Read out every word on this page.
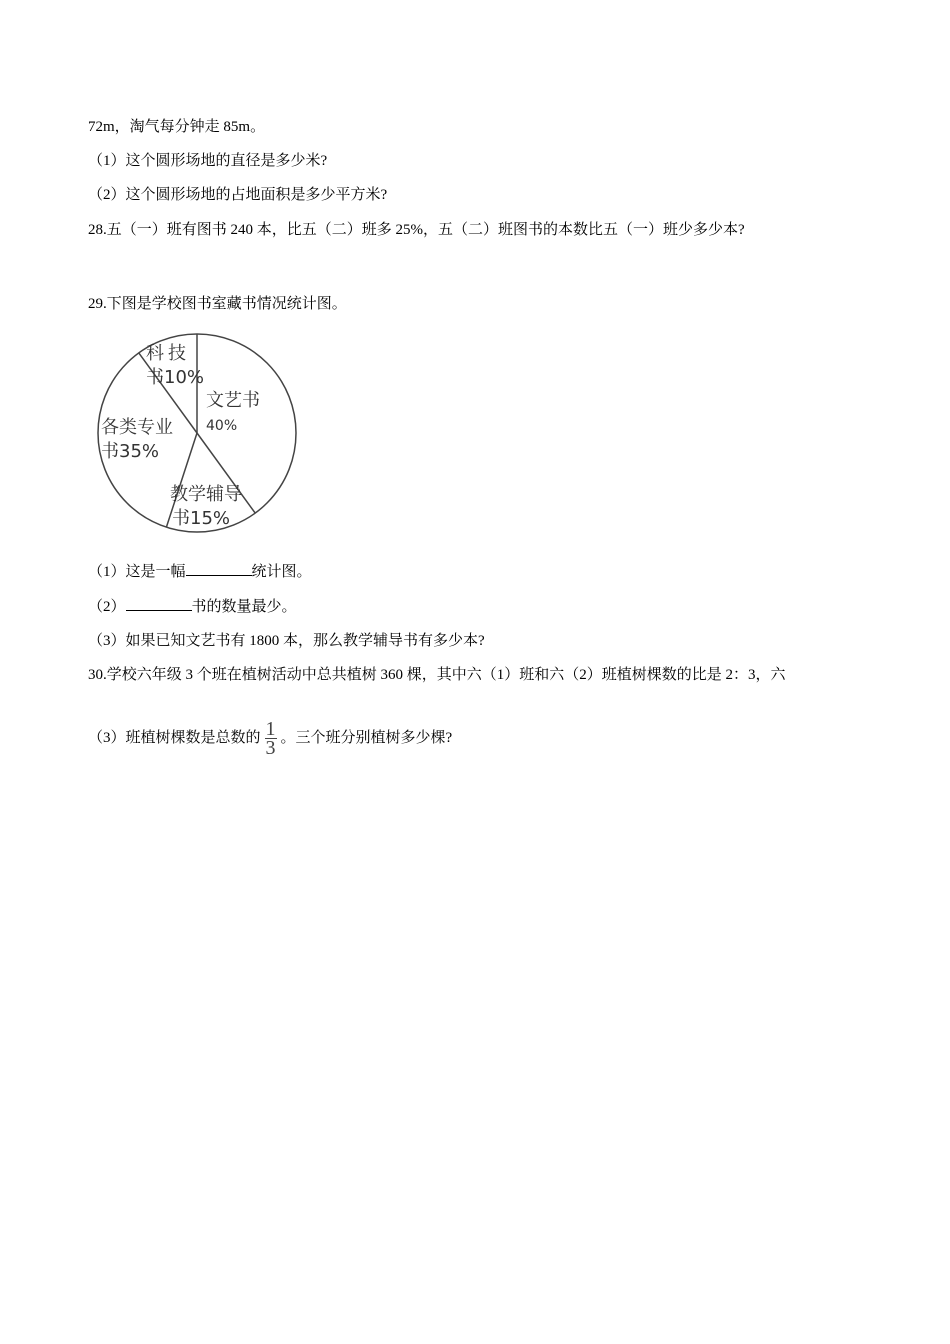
72m，淘气每分钟走 85m。
（1）这个圆形场地的直径是多少米?
（2）这个圆形场地的占地面积是多少平方米?
28.五（一）班有图书 240 本，比五（二）班多 25%，五（二）班图书的本数比五（一）班少多少本?
29.下图是学校图书室藏书情况统计图。
文艺书
40%
教学辅导
书15%
各类专业
书35%
科技
书10%
（1）这是一幅	统计图。
（2）	书的数量最少。
（3）如果已知文艺书有 1800 本，那么教学辅导书有多少本?
30.学校六年级 3 个班在植树活动中总共植树 360 棵，其中六（1）班和六（2）班植树棵数的比是 2：3，六
（3）班植树棵数是总数的 $\frac{1}{3}$ 。三个班分别植树多少棵?
